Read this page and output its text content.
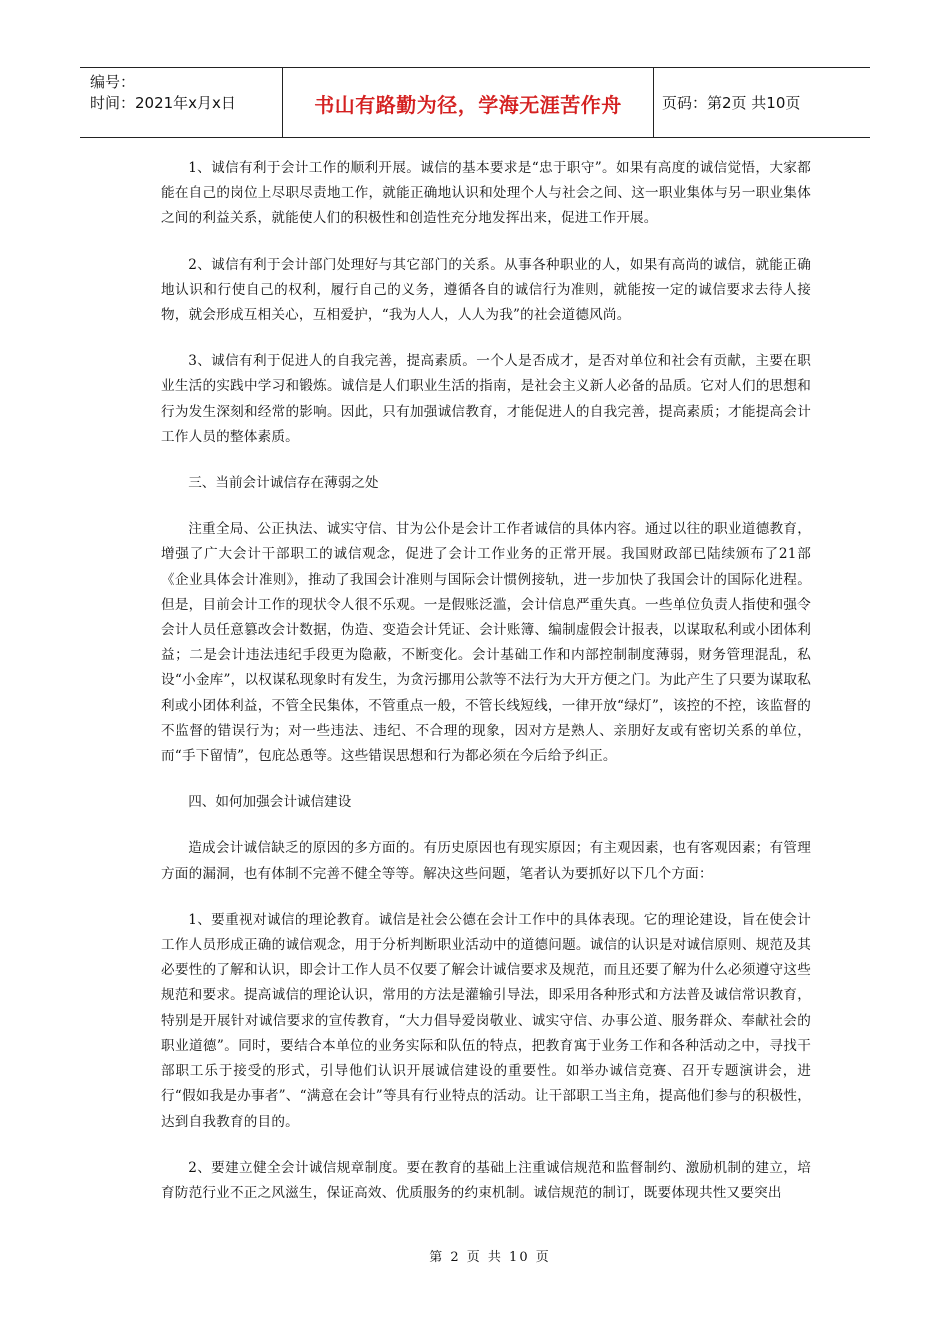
编号：
时间：2021年x月x日	书山有路勤为径，学海无涯苦作舟	页码：第2页 共10页

1、诚信有利于会计工作的顺利开展。诚信的基本要求是“忠于职守”。如果有高度的诚信觉悟，大家都能在自己的岗位上尽职尽责地工作，就能正确地认识和处理个人与社会之间、这一职业集体与另一职业集体之间的利益关系，就能使人们的积极性和创造性充分地发挥出来，促进工作开展。

2、诚信有利于会计部门处理好与其它部门的关系。从事各种职业的人，如果有高尚的诚信，就能正确地认识和行使自己的权利，履行自己的义务，遵循各自的诚信行为准则，就能按一定的诚信要求去待人接物，就会形成互相关心，互相爱护，“我为人人，人人为我”的社会道德风尚。

3、诚信有利于促进人的自我完善，提高素质。一个人是否成才，是否对单位和社会有贡献，主要在职业生活的实践中学习和锻炼。诚信是人们职业生活的指南，是社会主义新人必备的品质。它对人们的思想和行为发生深刻和经常的影响。因此，只有加强诚信教育，才能促进人的自我完善，提高素质；才能提高会计工作人员的整体素质。

三、当前会计诚信存在薄弱之处

注重全局、公正执法、诚实守信、甘为公仆是会计工作者诚信的具体内容。通过以往的职业道德教育，增强了广大会计干部职工的诚信观念，促进了会计工作业务的正常开展。我国财政部已陆续颁布了21部《企业具体会计准则》，推动了我国会计准则与国际会计惯例接轨，进一步加快了我国会计的国际化进程。但是，目前会计工作的现状令人很不乐观。一是假账泛滥，会计信息严重失真。一些单位负责人指使和强令会计人员任意篡改会计数据，伪造、变造会计凭证、会计账簿、编制虚假会计报表，以谋取私利或小团体利益；二是会计违法违纪手段更为隐蔽，不断变化。会计基础工作和内部控制制度薄弱，财务管理混乱，私设“小金库”，以权谋私现象时有发生，为贪污挪用公款等不法行为大开方便之门。为此产生了只要为谋取私利或小团体利益，不管全民集体，不管重点一般，不管长线短线，一律开放“绿灯”，该控的不控，该监督的不监督的错误行为；对一些违法、违纪、不合理的现象，因对方是熟人、亲朋好友或有密切关系的单位，而“手下留情”，包庇怂恿等。这些错误思想和行为都必须在今后给予纠正。

四、如何加强会计诚信建设

造成会计诚信缺乏的原因的多方面的。有历史原因也有现实原因；有主观因素，也有客观因素；有管理方面的漏洞，也有体制不完善不健全等等。解决这些问题，笔者认为要抓好以下几个方面：

1、要重视对诚信的理论教育。诚信是社会公德在会计工作中的具体表现。它的理论建设，旨在使会计工作人员形成正确的诚信观念，用于分析判断职业活动中的道德问题。诚信的认识是对诚信原则、规范及其必要性的了解和认识，即会计工作人员不仅要了解会计诚信要求及规范，而且还要了解为什么必须遵守这些规范和要求。提高诚信的理论认识，常用的方法是灌输引导法，即采用各种形式和方法普及诚信常识教育，特别是开展针对诚信要求的宣传教育，“大力倡导爱岗敬业、诚实守信、办事公道、服务群众、奉献社会的职业道德”。同时，要结合本单位的业务实际和队伍的特点，把教育寓于业务工作和各种活动之中，寻找干部职工乐于接受的形式，引导他们认识开展诚信建设的重要性。如举办诚信竞赛、召开专题演讲会，进行“假如我是办事者”、“满意在会计”等具有行业特点的活动。让干部职工当主角，提高他们参与的积极性，达到自我教育的目的。

2、要建立健全会计诚信规章制度。要在教育的基础上注重诚信规范和监督制约、激励机制的建立，培育防范行业不正之风滋生，保证高效、优质服务的约束机制。诚信规范的制订，既要体现共性又要突出

第 2 页 共 10 页
